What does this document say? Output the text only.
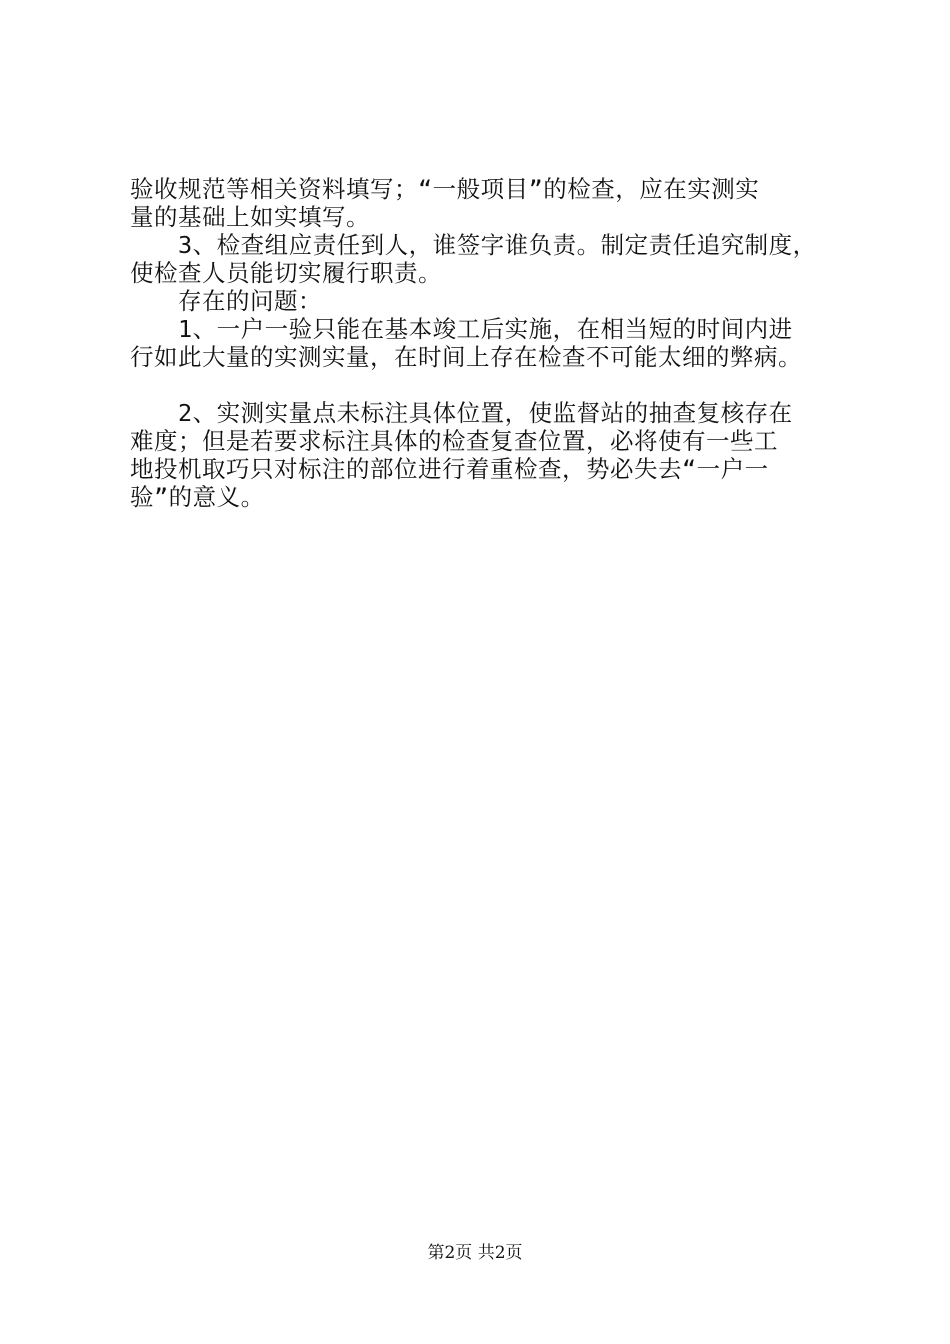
验收规范等相关资料填写；“一般项目”的检查，应在实测实
量的基础上如实填写。
3、检查组应责任到人，谁签字谁负责。制定责任追究制度，
使检查人员能切实履行职责。
存在的问题：
1、一户一验只能在基本竣工后实施，在相当短的时间内进
行如此大量的实测实量，在时间上存在检查不可能太细的弊病。
2、实测实量点未标注具体位置，使监督站的抽查复核存在
难度；但是若要求标注具体的检查复查位置，必将使有一些工
地投机取巧只对标注的部位进行着重检查，势必失去“一户一
验”的意义。
第2页 共2页
